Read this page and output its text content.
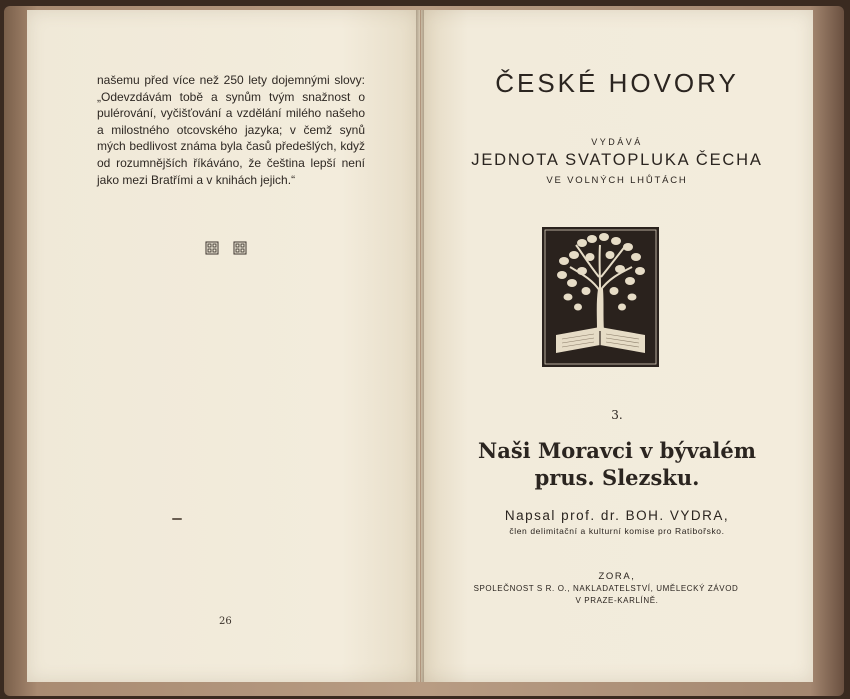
našemu před více než 250 lety dojemnými slovy: „Odevzdávám tobě a synům tvým snažnost o pulérování, vyčišťování a vzdělání milého našeho a milostného otcovského jazyka; v čemž synů mých bedlivost známa byla časů předešlých, když od rozumnějších říkáváno, že čeština lepší není jako mezi Bratřími a v knihách jejich.“

26
ČESKÉ HOVORY
VYDÁVÁ
JEDNOTA SVATOPLUKA ČECHA
VE VOLNÝCH LHŮTÁCH
3.
Naši Moravci v bývalém
prus. Slezsku.
Napsal prof. dr. BOH. VYDRA,
člen delimitační a kulturní komise pro Ratibořsko.
ZORA,
SPOLEČNOST S R. O., NAKLADATELSTVÍ, UMĚLECKÝ ZÁVOD
V PRAZE-KARLÍNĚ.
